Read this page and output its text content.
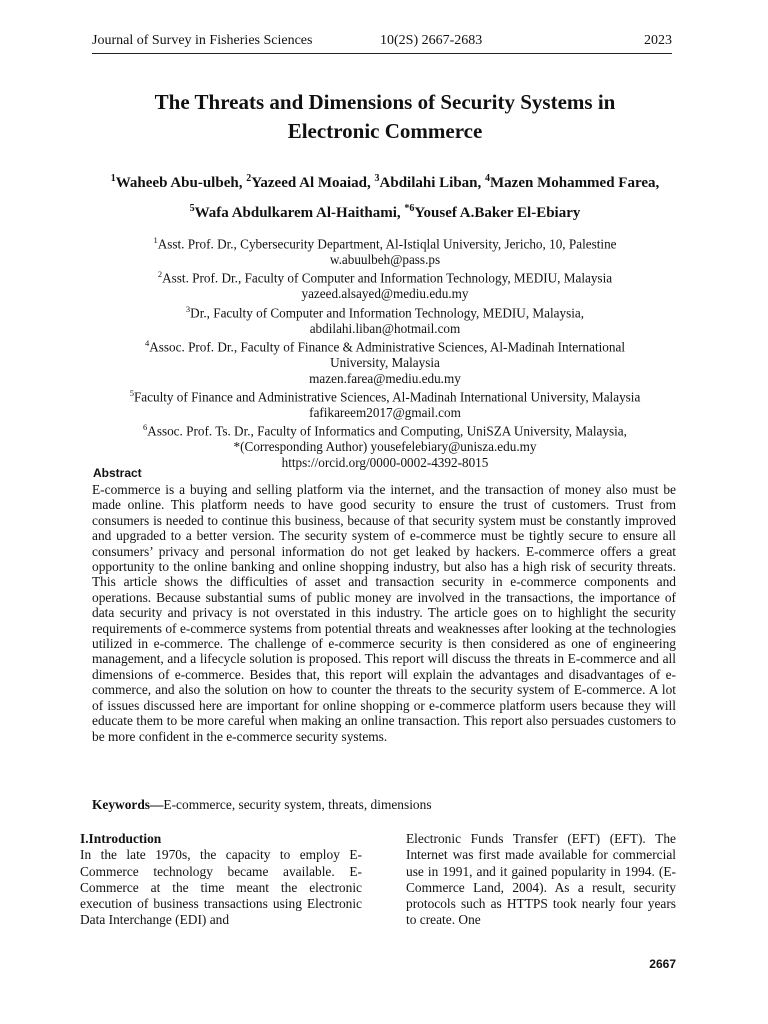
Journal of Survey in Fisheries Sciences	10(2S) 2667-2683	2023
The Threats and Dimensions of Security Systems in
Electronic Commerce
$^1$Waheeb Abu-ulbeh, $^2$Yazeed Al Moaiad, $^3$Abdilahi Liban, $^4$Mazen Mohammed Farea,
$^5$Wafa Abdulkarem Al-Haithami, $^{*6}$Yousef A.Baker El-Ebiary
$^1$Asst. Prof. Dr., Cybersecurity Department, Al-Istiqlal University, Jericho, 10, Palestine
w.abuulbeh@pass.ps
$^2$Asst. Prof. Dr., Faculty of Computer and Information Technology, MEDIU, Malaysia
yazeed.alsayed@mediu.edu.my
$^3$Dr., Faculty of Computer and Information Technology, MEDIU, Malaysia,
abdilahi.liban@hotmail.com
$^4$Assoc. Prof. Dr., Faculty of Finance & Administrative Sciences, Al-Madinah International
University, Malaysia
mazen.farea@mediu.edu.my
$^5$Faculty of Finance and Administrative Sciences, Al-Madinah International University, Malaysia
fafikareem2017@gmail.com
$^6$Assoc. Prof. Ts. Dr., Faculty of Informatics and Computing, UniSZA University, Malaysia,
*(Corresponding Author) yousefelebiary@unisza.edu.my
https://orcid.org/0000-0002-4392-8015
Abstract

E-commerce is a buying and selling platform via the internet, and the transaction of money also must be made online. This platform needs to have good security to ensure the trust of customers. Trust from consumers is needed to continue this business, because of that security system must be constantly improved and upgraded to a better version. The security system of e-commerce must be tightly secure to ensure all consumers’ privacy and personal information do not get leaked by hackers. E-commerce offers a great opportunity to the online banking and online shopping industry, but also has a high risk of security threats. This article shows the difficulties of asset and transaction security in e-commerce components and operations. Because substantial sums of public money are involved in the transactions, the importance of data security and privacy is not overstated in this industry. The article goes on to highlight the security requirements of e-commerce systems from potential threats and weaknesses after looking at the technologies utilized in e-commerce. The challenge of e-commerce security is then considered as one of engineering management, and a lifecycle solution is proposed. This report will discuss the threats in E-commerce and all dimensions of e-commerce. Besides that, this report will explain the advantages and disadvantages of e-commerce, and also the solution on how to counter the threats to the security system of E-commerce. A lot of issues discussed here are important for online shopping or e-commerce platform users because they will educate them to be more careful when making an online transaction. This report also persuades customers to be more confident in the e-commerce security systems.

Keywords—E-commerce, security system, threats, dimensions
I.Introduction

In the late 1970s, the capacity to employ E-Commerce technology became available. E-Commerce at the time meant the electronic execution of business transactions using Electronic Data Interchange (EDI) and

Electronic Funds Transfer (EFT) (EFT). The Internet was first made available for commercial use in 1991, and it gained popularity in 1994. (E-Commerce Land, 2004). As a result, security protocols such as HTTPS took nearly four years to create. One

2667
